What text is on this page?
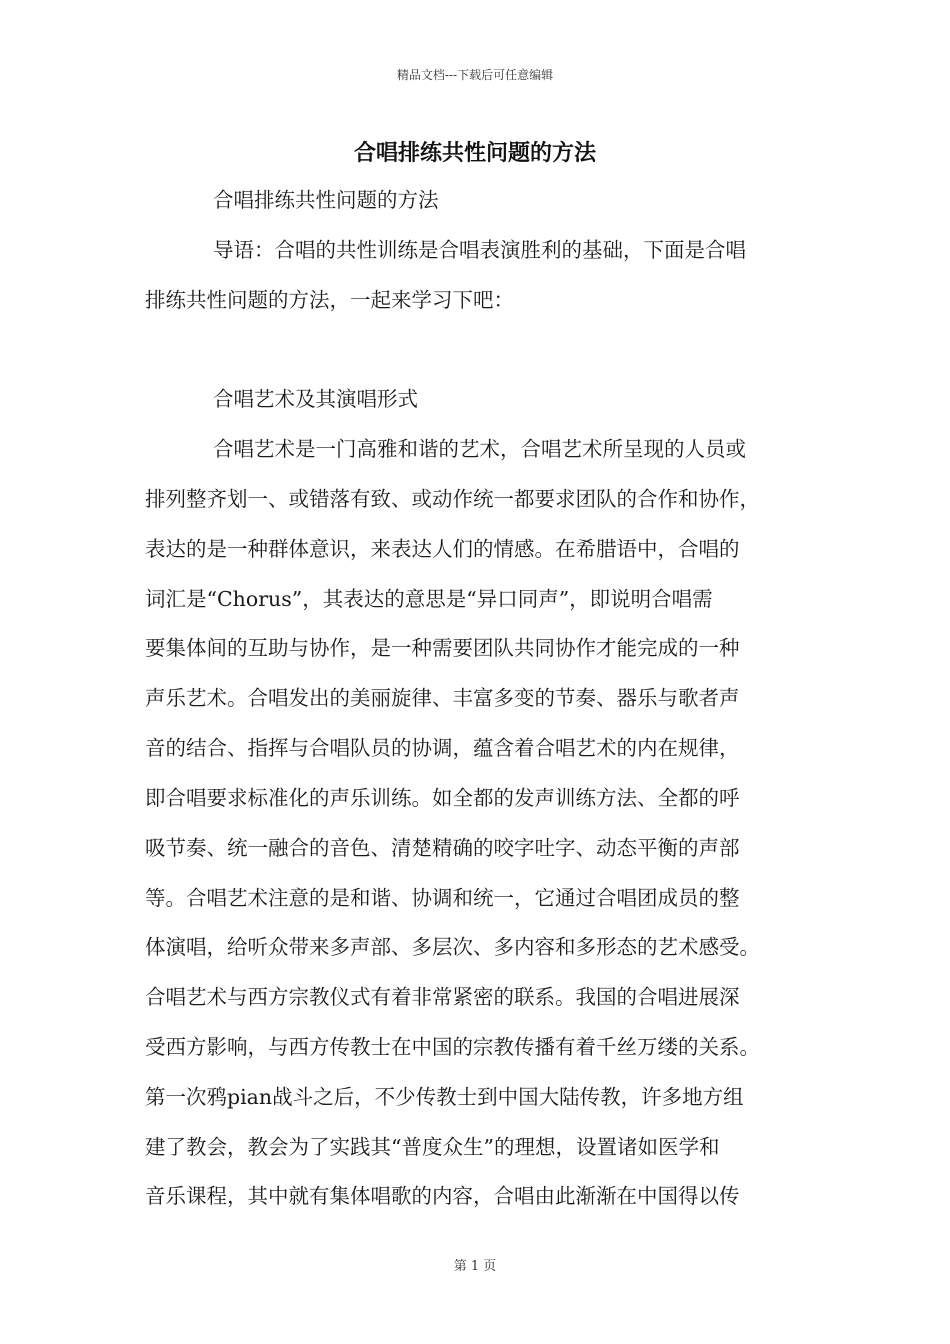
精品文档---下载后可任意编辑
合唱排练共性问题的方法
合唱排练共性问题的方法
导语：合唱的共性训练是合唱表演胜利的基础，下面是合唱
排练共性问题的方法，一起来学习下吧：
合唱艺术及其演唱形式
合唱艺术是一门高雅和谐的艺术，合唱艺术所呈现的人员或
排列整齐划一、或错落有致、或动作统一都要求团队的合作和协作，
表达的是一种群体意识，来表达人们的情感。在希腊语中，合唱的
词汇是“Chorus”，其表达的意思是“异口同声”，即说明合唱需
要集体间的互助与协作，是一种需要团队共同协作才能完成的一种
声乐艺术。合唱发出的美丽旋律、丰富多变的节奏、器乐与歌者声
音的结合、指挥与合唱队员的协调，蕴含着合唱艺术的内在规律，
即合唱要求标准化的声乐训练。如全都的发声训练方法、全都的呼
吸节奏、统一融合的音色、清楚精确的咬字吐字、动态平衡的声部
等。合唱艺术注意的是和谐、协调和统一，它通过合唱团成员的整
体演唱，给听众带来多声部、多层次、多内容和多形态的艺术感受。
合唱艺术与西方宗教仪式有着非常紧密的联系。我国的合唱进展深
受西方影响，与西方传教士在中国的宗教传播有着千丝万缕的关系。
第一次鸦pian战斗之后，不少传教士到中国大陆传教，许多地方组
建了教会，教会为了实践其“普度众生”的理想，设置诸如医学和
音乐课程，其中就有集体唱歌的内容，合唱由此渐渐在中国得以传
第 1 页
